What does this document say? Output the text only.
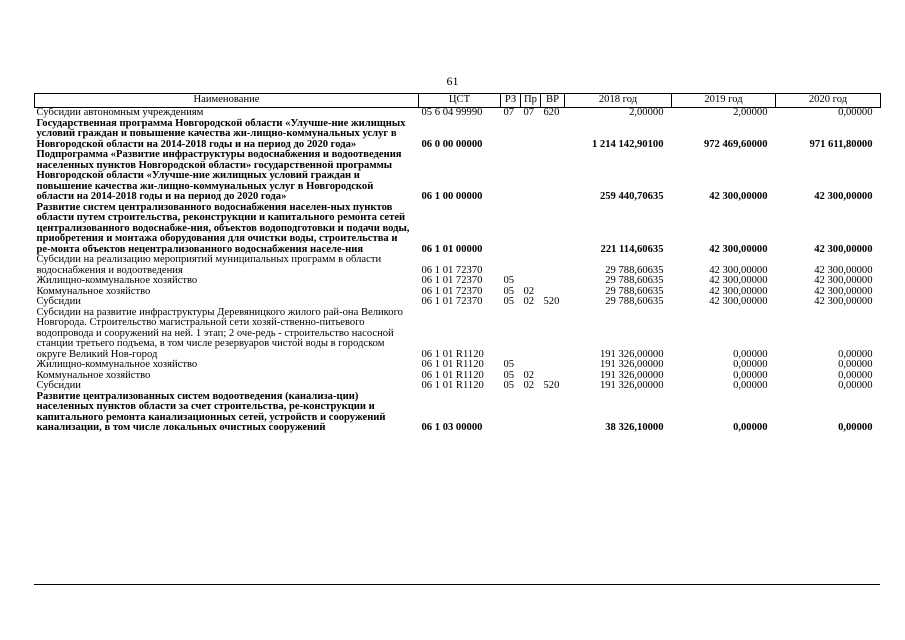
61
Наименование	ЦСТ	РЗ	Пр	ВР	2018 год	2019 год	2020 год
Субсидии автономным учреждениям	05 6 04 99990	07	07	620	2,00000	2,00000	0,00000
Государственная программа Новгородской области «Улучше-ние жилищных условий граждан и повышение качества жи-лищно-коммунальных услуг в Новгородской области на 2014-2018 годы и на период до 2020 года»	06 0 00 00000				1 214 142,90100	972 469,60000	971 611,80000
Подпрограмма «Развитие инфраструктуры водоснабжения и водоотведения населенных пунктов Новгородской области» государственной программы Новгородской области «Улучше-ние жилищных условий граждан и повышение качества жи-лищно-коммунальных услуг в Новгородской области на 2014-2018 годы и на период до 2020 года»	06 1 00 00000				259 440,70635	42 300,00000	42 300,00000
Развитие систем централизованного водоснабжения населен-ных пунктов области путем строительства, реконструкции и капитального ремонта сетей централизованного водоснабже-ния, объектов водоподготовки и подачи воды, приобретения и монтажа оборудования для очистки воды, строительства и ре-монта объектов нецентрализованного водоснабжения населе-ния	06 1 01 00000				221 114,60635	42 300,00000	42 300,00000
Субсидии на реализацию мероприятий муниципальных программ в области водоснабжения и водоотведения	06 1 01 72370				29 788,60635	42 300,00000	42 300,00000
Жилищно-коммунальное хозяйство	06 1 01 72370	05			29 788,60635	42 300,00000	42 300,00000
Коммунальное хозяйство	06 1 01 72370	05	02		29 788,60635	42 300,00000	42 300,00000
Субсидии	06 1 01 72370	05	02	520	29 788,60635	42 300,00000	42 300,00000
Субсидии на развитие инфраструктуры Деревяницкого жилого рай-она Великого Новгорода. Строительство магистральной сети хозяй-ственно-питьевого водопровода и сооружений на ней. 1 этап; 2 оче-редь - строительство насосной станции третьего подъема, в том числе резервуаров чистой воды в городском округе Великий Нов-город	06 1 01 R1120				191 326,00000	0,00000	0,00000
Жилищно-коммунальное хозяйство	06 1 01 R1120	05			191 326,00000	0,00000	0,00000
Коммунальное хозяйство	06 1 01 R1120	05	02		191 326,00000	0,00000	0,00000
Субсидии	06 1 01 R1120	05	02	520	191 326,00000	0,00000	0,00000
Развитие централизованных систем водоотведения (канализа-ции) населенных пунктов области за счет строительства, ре-конструкции и капитального ремонта канализационных сетей, устройств и сооружений канализации, в том числе локальных очистных сооружений	06 1 03 00000				38 326,10000	0,00000	0,00000
